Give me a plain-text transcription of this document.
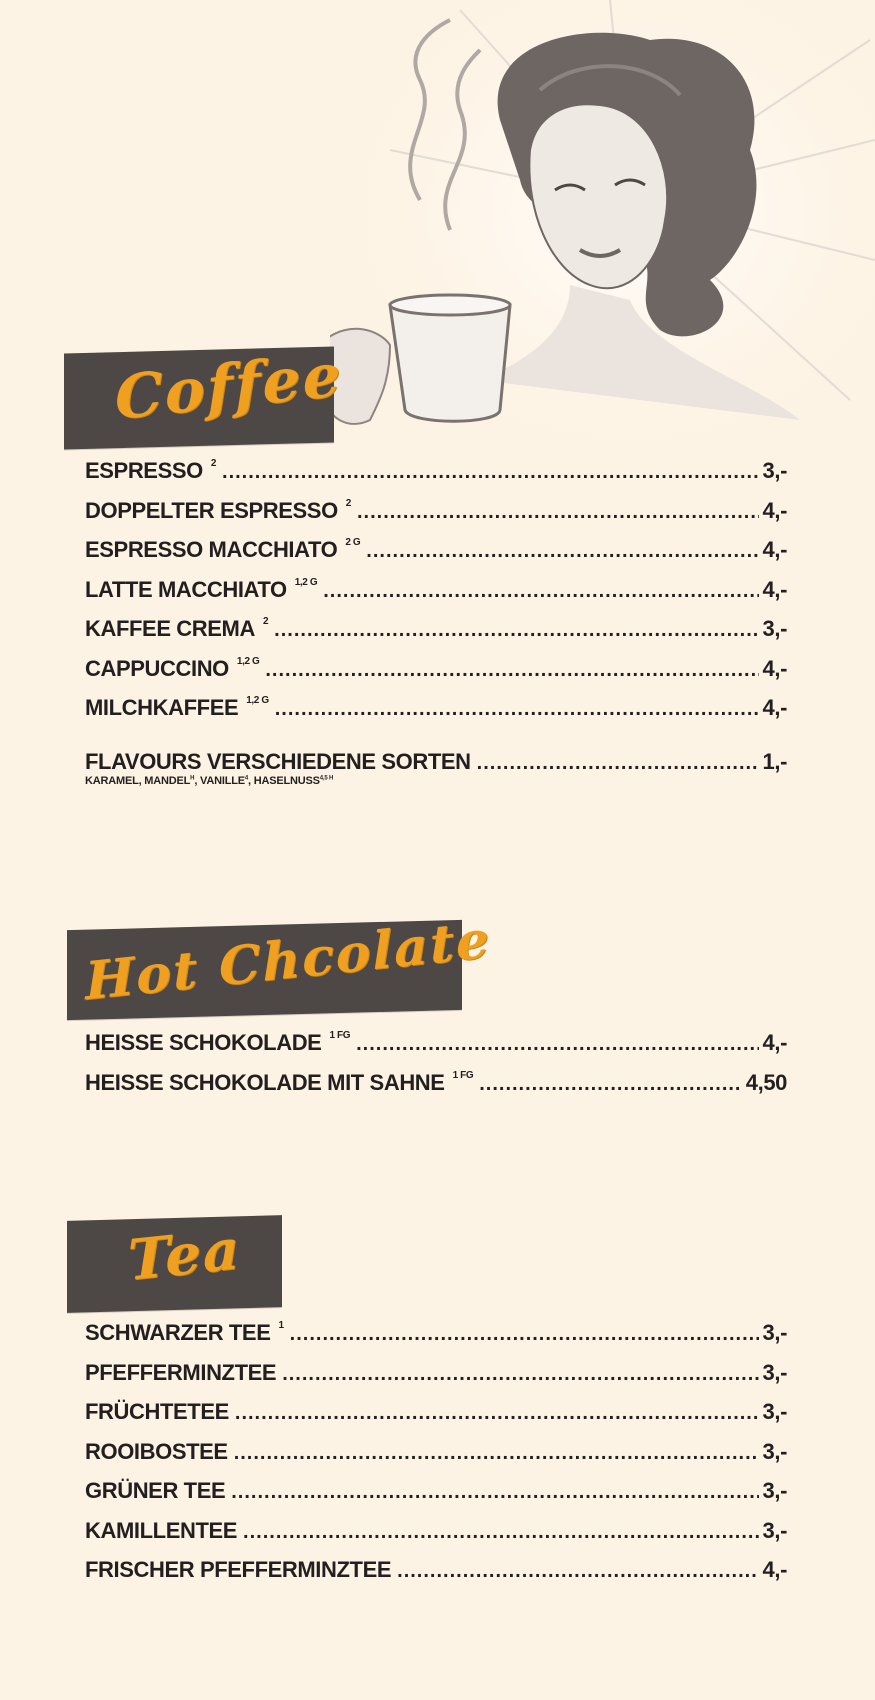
Coffee
ESPRESSO 2 .....	3,-
DOPPELTER ESPRESSO 2 .....	4,-
ESPRESSO MACCHIATO 2 G .....	4,-
LATTE MACCHIATO 1,2 G .....	4,-
KAFFEE CREMA 2 .....	3,-
CAPPUCCINO 1,2 G .....	4,-
MILCHKAFFEE 1,2 G .....	4,-
FLAVOURS VERSCHIEDENE SORTEN .....	1,-
KARAMEL, $MANDEL^H$, VANILLE$^4$, $HASELNUSS^{4,5 H}$
Hot Chcolate
HEISSE SCHOKOLADE 1 FG .....	4,-
HEISSE SCHOKOLADE MIT SAHNE 1 FG .....	4,50
Tea
SCHWARZER TEE 1 .....	3,-
PFEFFERMINZTEE .....	3,-
FRÜCHTETEE .....	3,-
ROOIBOSTEE .....	3,-
GRÜNER TEE .....	3,-
KAMILLENTEE .....	3,-
FRISCHER PFEFFERMINZTEE .....	4,-
